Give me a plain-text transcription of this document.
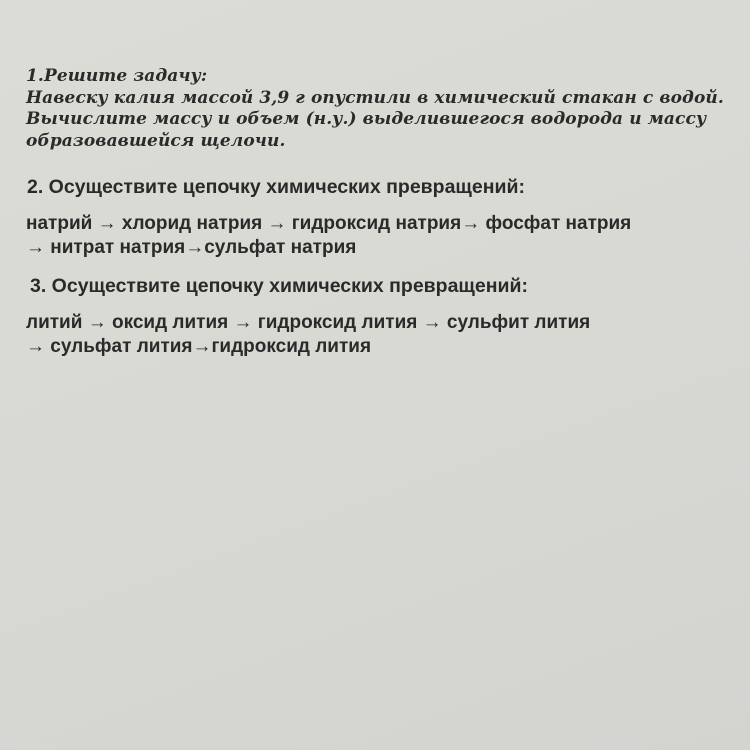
1.Решите задачу:
Навеску калия массой 3,9 г опустили в химический стакан с водой.
Вычислите массу и объем (н.у.) выделившегося водорода и массу
образовавшейся щелочи.
2. Осуществите цепочку химических превращений:
натрий → хлорид натрия → гидроксид натрия→ фосфат натрия
→ нитрат натрия→сульфат натрия
3. Осуществите цепочку химических превращений:
литий → оксид лития → гидроксид лития → сульфит лития
→ сульфат лития→гидроксид лития
